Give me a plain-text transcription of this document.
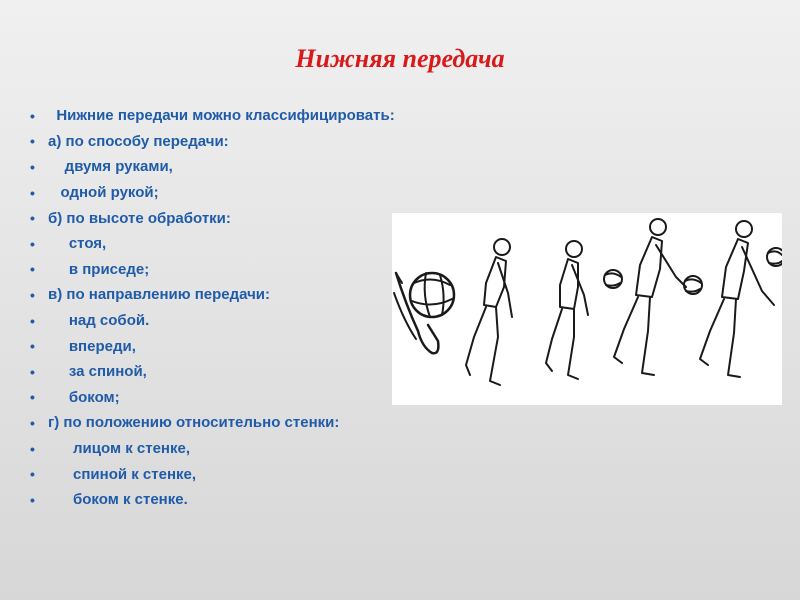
Нижняя передача
• Нижние передачи можно классифицировать:
• а) по способу передачи:
• двумя руками,
• одной рукой;
• б) по высоте обработки:
• стоя,
• в приседе;
• в) по направлению передачи:
• над собой.
• впереди,
• за спиной,
• боком;
• г) по положению относительно стенки:
• лицом к стенке,
• спиной к стенке,
• боком к стенке.
